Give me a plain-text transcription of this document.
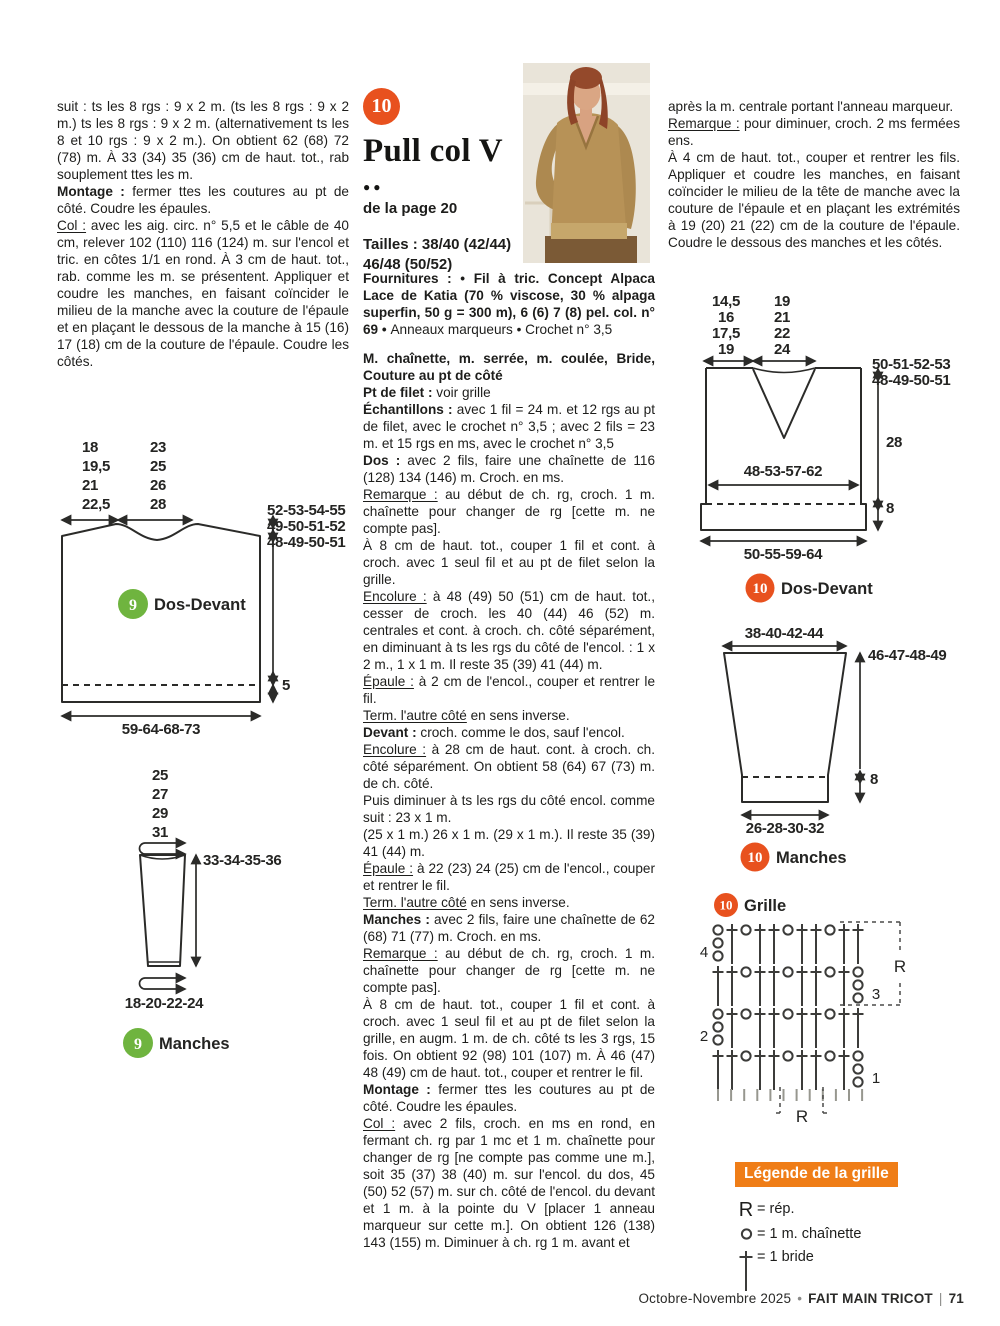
suit : ts les 8 rgs : 9 x 2 m. (ts les 8 rgs : 9 x 2 m.) ts les 8 rgs : 9 x 2 m. (alternativement ts les 8 et 10 rgs : 9 x 2 m.). On obtient 62 (68) 72 (78) m. À 33 (34) 35 (36) cm de haut. tot., rab souplement ttes les m.

Montage : fermer ttes les coutures au pt de côté. Coudre les épaules.

Col : avec les aig. circ. n° 5,5 et le câble de 40 cm, relever 102 (110) 116 (124) m. sur l'encol et tric. en côtes 1/1 en rond. À 3 cm de haut. tot., rab. comme les m. se présentent. Appliquer et coudre les manches, en faisant coïncider le milieu de la manche avec la couture de l'épaule et en plaçant le dessous de la manche à 15 (16) 17 (18) cm de la couture de l'épaule. Coudre les côtés.

10
Pull col V
●●
de la page 20
Tailles : 38/40 (42/44) 46/48 (50/52)

Fournitures : • Fil à tric. Concept Alpaca Lace de Katia (70 % viscose, 30 % alpaga superfin, 50 g = 300 m), 6 (6) 7 (8) pel. col. n° 69 • Anneaux marqueurs • Crochet n° 3,5

M. chaînette, m. serrée, m. coulée, Bride, Couture au pt de côté

Pt de filet : voir grille

Échantillons : avec 1 fil = 24 m. et 12 rgs au pt de filet, avec le crochet n° 3,5 ; avec 2 fils = 23 m. et 15 rgs en ms, avec le crochet n° 3,5

Dos : avec 2 fils, faire une chaînette de 116 (128) 134 (146) m. Croch. en ms.

Remarque : au début de ch. rg, croch. 1 m. chaînette pour changer de rg [cette m. ne compte pas].

À 8 cm de haut. tot., couper 1 fil et cont. à croch. avec 1 seul fil et au pt de filet selon la grille.

Encolure : à 48 (49) 50 (51) cm de haut. tot., cesser de croch. les 40 (44) 46 (52) m. centrales et cont. à croch. ch. côté séparément, en diminuant à ts les rgs du côté de l'encol. : 1 x 2 m., 1 x 1 m. Il reste 35 (39) 41 (44) m.

Épaule : à 2 cm de l'encol., couper et rentrer le fil.

Term. l'autre côté en sens inverse.

Devant : croch. comme le dos, sauf l'encol.

Encolure : à 28 cm de haut. cont. à croch. ch. côté séparément. On obtient 58 (64) 67 (73) m. de ch. côté.

Puis diminuer à ts les rgs du côté encol. comme suit : 23 x 1 m.

(25 x 1 m.) 26 x 1 m. (29 x 1 m.). Il reste 35 (39) 41 (44) m.

Épaule : à 22 (23) 24 (25) cm de l'encol., couper et rentrer le fil.

Term. l'autre côté en sens inverse.

Manches : avec 2 fils, faire une chaînette de 62 (68) 71 (77) m. Croch. en ms.

Remarque : au début de ch. rg, croch. 1 m. chaînette pour changer de rg [cette m. ne compte pas].

À 8 cm de haut. tot., couper 1 fil et cont. à croch. avec 1 seul fil et au pt de filet selon la grille, en augm. 1 m. de ch. côté ts les 3 rgs, 15 fois. On obtient 92 (98) 101 (107) m. À 46 (47) 48 (49) cm de haut. tot., couper et rentrer le fil.

Montage : fermer ttes les coutures au pt de côté. Coudre les épaules.

Col : avec 2 fils, croch. en ms en rond, en fermant ch. rg par 1 mc et 1 m. chaînette pour changer de rg [ne compte pas comme une m.], soit 35 (37) 38 (40) m. sur l'encol. du dos, 45 (50) 52 (57) m. sur ch. côté de l'encol. du devant et 1 m. à la pointe du V [placer 1 anneau marqueur sur cette m.]. On obtient 126 (138) 143 (155) m. Diminuer à ch. rg 1 m. avant et

après la m. centrale portant l'anneau marqueur.

Remarque : pour diminuer, croch. 2 ms fermées ens.

À 4 cm de haut. tot., couper et rentrer les fils. Appliquer et coudre les manches, en faisant coïncider le milieu de la tête de manche avec la couture de l'épaule et en plaçant les extrémités à 19 (20) 21 (22) cm de la couture de l'épaule. Coudre le dessous des manches et les côtés.

18
19,5
21
22,5
23
25
26
28	52-53-54-55
49-50-51-52
48-49-50-51
5
59-64-68-73
9 Dos-Devant
25
27
29
31
33-34-35-36
18-20-22-24
9 Manches
14,5
16
17,5
19
19
21
22
24
48-53-57-62
50-51-52-53
48-49-50-51
28
8
50-55-59-64
10 Dos-Devant
38-40-42-44
46-47-48-49
8
26-28-30-32
10 Manches
10 Grille
4
3
2
1
R
R
Légende de la grille
R = rép.
= 1 m. chaînette
= 1 bride
Octobre-Novembre 2025 • FAIT MAIN TRICOT | 71
